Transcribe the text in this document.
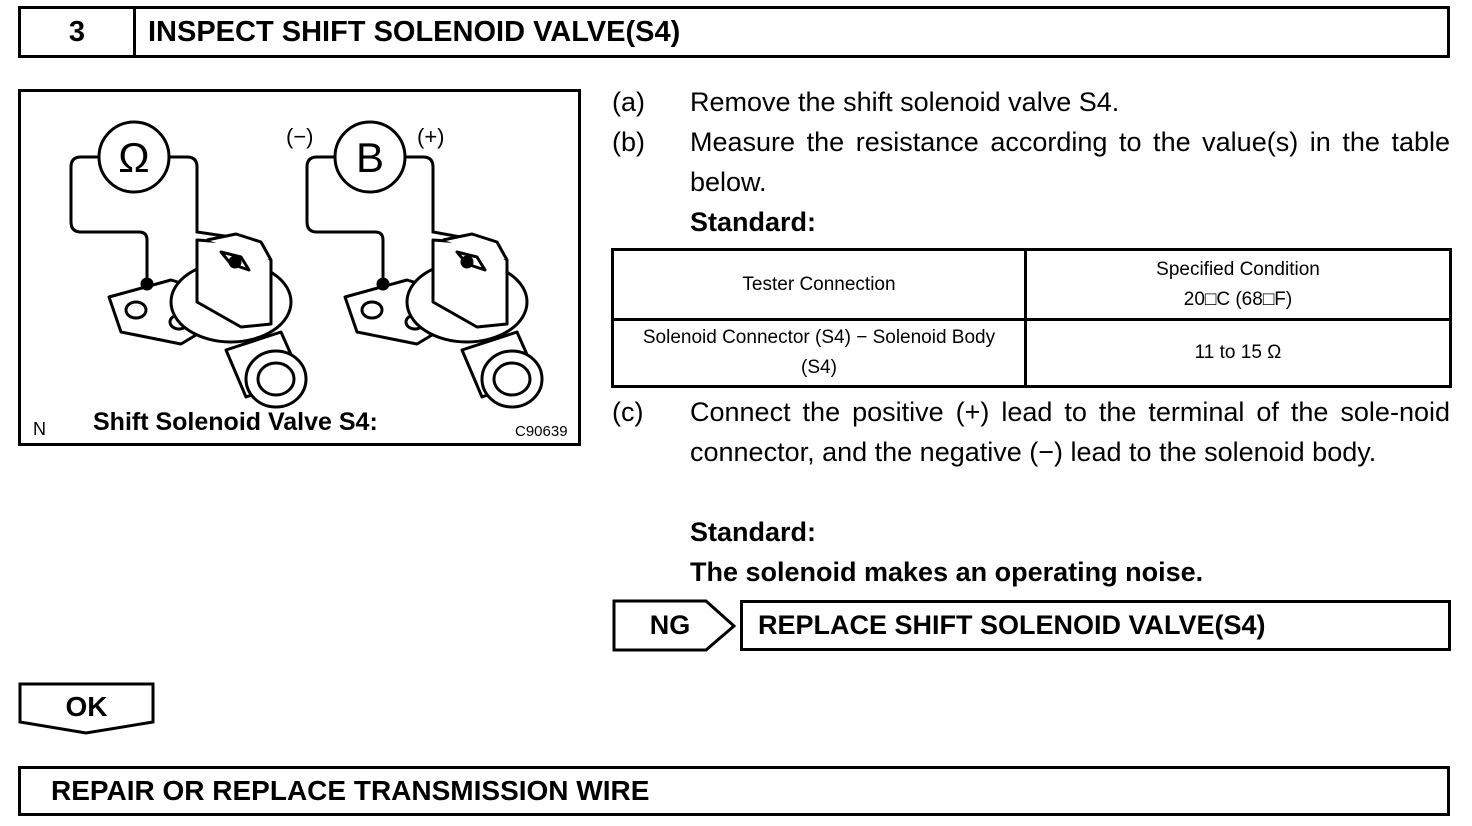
3	INSPECT SHIFT SOLENOID VALVE(S4)
Ω	B
(−)	(+)
N Shift Solenoid Valve S4:	C90639
(a)	Remove the shift solenoid valve S4.
(b)	Measure the resistance according to the value(s) in the table below.
Standard:
Tester Connection	Specified Condition
20□C (68□F)

Solenoid Connector (S4) − Solenoid Body (S4)	11 to 15 Ω
(c)	Connect the positive (+) lead to the terminal of the sole-noid connector, and the negative (−) lead to the solenoid body.
Standard:
The solenoid makes an operating noise.
NG	REPLACE SHIFT SOLENOID VALVE(S4)
OK
REPAIR OR REPLACE TRANSMISSION WIRE
